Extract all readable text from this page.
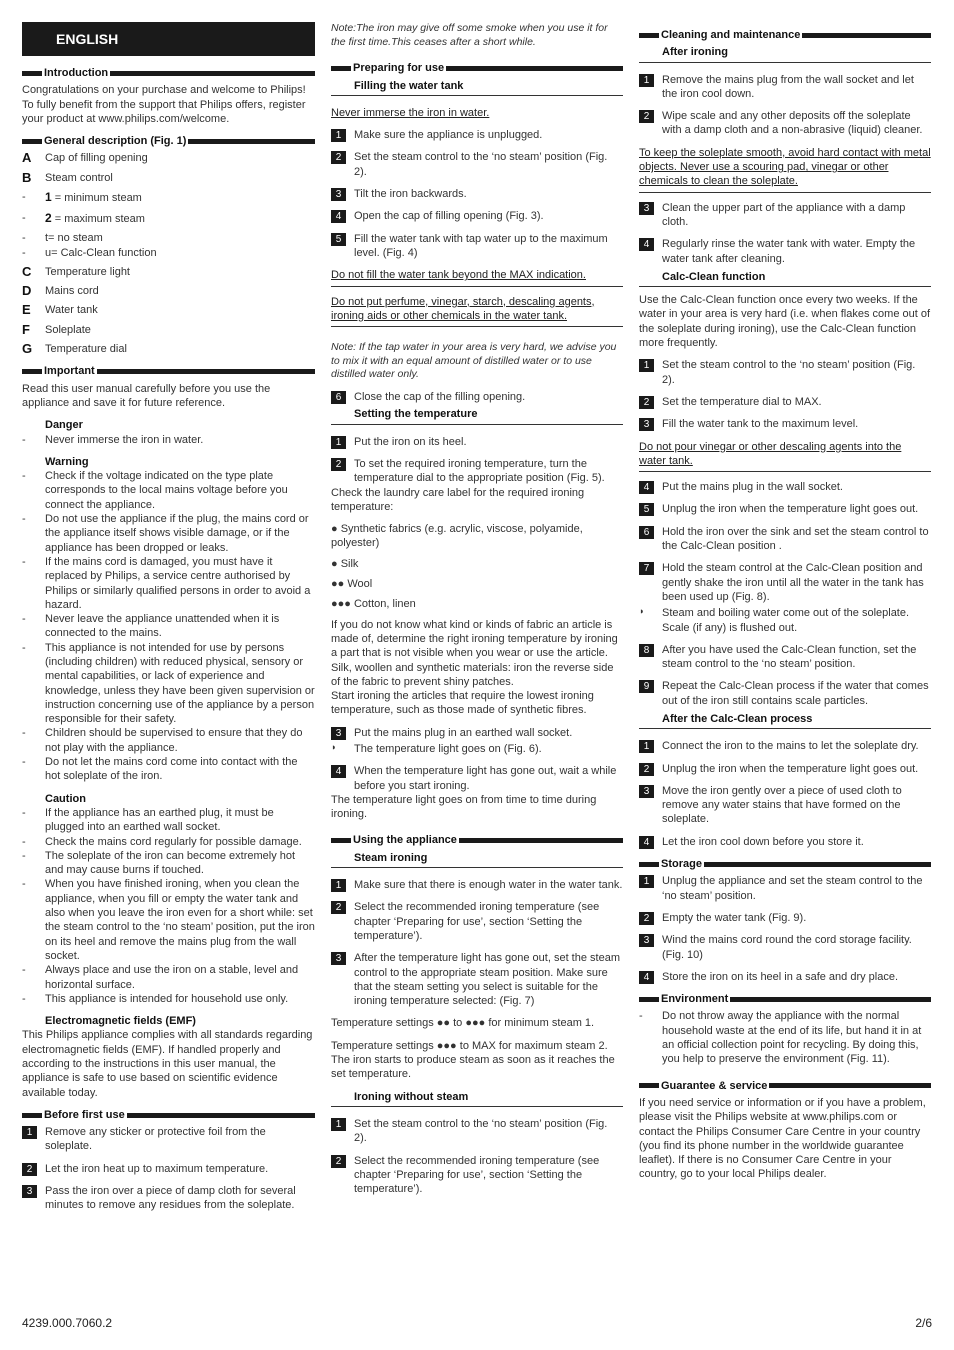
ENGLISH
Introduction
Congratulations on your purchase and welcome to Philips! To fully benefit from the support that Philips offers, register your product at www.philips.com/welcome.
General description (Fig. 1)
A	Cap of filling opening
B	Steam control
-	1 = minimum steam
-	2 = maximum steam
-	t= no steam
-	u= Calc-Clean function
C	Temperature light
D	Mains cord
E	Water tank
F	Soleplate
G	Temperature dial
Important
Read this user manual carefully before you use the appliance and save it for future reference.
Danger
-	Never immerse the iron in water.
Warning
-	Check if the voltage indicated on the type plate corresponds to the local mains voltage before you connect the appliance.
-	Do not use the appliance if the plug, the mains cord or the appliance itself shows visible damage, or if the appliance has been dropped or leaks.
-	If the mains cord is damaged, you must have it replaced by Philips, a service centre authorised by Philips or similarly qualified persons in order to avoid a hazard.
-	Never leave the appliance unattended when it is connected to the mains.
-	This appliance is not intended for use by persons (including children) with reduced physical, sensory or mental capabilities, or lack of experience and knowledge, unless they have been given supervision or instruction concerning use of the appliance by a person responsible for their safety.
-	Children should be supervised to ensure that they do not play with the appliance.
-	Do not let the mains cord come into contact with the hot soleplate of the iron.
Caution
-	If the appliance has an earthed plug, it must be plugged into an earthed wall socket.
-	Check the mains cord regularly for possible damage.
-	The soleplate of the iron can become extremely hot and may cause burns if touched.
-	When you have finished ironing, when you clean the appliance, when you fill or empty the water tank and also when you leave the iron even for a short while: set the steam control to the ‘no steam’ position, put the iron on its heel and remove the mains plug from the wall socket.
-	Always place and use the iron on a stable, level and horizontal surface.
-	This appliance is intended for household use only.
Electromagnetic fields (EMF)
This Philips appliance complies with all standards regarding electromagnetic fields (EMF). If handled properly and according to the instructions in this user manual, the appliance is safe to use based on scientific evidence available today.
Before first use
1	Remove any sticker or protective foil from the soleplate.
2	Let the iron heat up to maximum temperature.
3	Pass the iron over a piece of damp cloth for several minutes to remove any residues from the soleplate.
Note:The iron may give off some smoke when you use it for the first time.This ceases after a short while.
Preparing for use
Filling the water tank
Never immerse the iron in water.
1	Make sure the appliance is unplugged.
2	Set the steam control to the ‘no steam’ position (Fig. 2).
3	Tilt the iron backwards.
4	Open the cap of filling opening (Fig. 3).
5	Fill the water tank with tap water up to the maximum level. (Fig. 4)
Do not fill the water tank beyond the MAX indication.
Do not put perfume, vinegar, starch, descaling agents, ironing aids or other chemicals in the water tank.
Note: If the tap water in your area is very hard, we advise you to mix it with an equal amount of distilled water or to use distilled water only.
6	Close the cap of the filling opening.
Setting the temperature
1	Put the iron on its heel.
2	To set the required ironing temperature, turn the temperature dial to the appropriate position (Fig. 5).
Check the laundry care label for the required ironing temperature:
● Synthetic fabrics (e.g. acrylic, viscose, polyamide, polyester)
● Silk
●● Wool
●●● Cotton, linen
If you do not know what kind or kinds of fabric an article is made of, determine the right ironing temperature by ironing a part that is not visible when you wear or use the article.
Silk, woollen and synthetic materials: iron the reverse side of the fabric to prevent shiny patches.
Start ironing the articles that require the lowest ironing temperature, such as those made of synthetic fibres.
3	Put the mains plug in an earthed wall socket.
◗	The temperature light goes on (Fig. 6).
4	When the temperature light has gone out, wait a while before you start ironing.
The temperature light goes on from time to time during ironing.
Using the appliance
Steam ironing
1	Make sure that there is enough water in the water tank.
2	Select the recommended ironing temperature (see chapter ‘Preparing for use’, section ‘Setting the temperature’).
3	After the temperature light has gone out, set the steam control to the appropriate steam position. Make sure that the steam setting you select is suitable for the ironing temperature selected: (Fig. 7)
Temperature settings ●● to ●●● for minimum steam 1.
Temperature settings ●●● to MAX for maximum steam 2.
The iron starts to produce steam as soon as it reaches the set temperature.
Ironing without steam
1	Set the steam control to the ‘no steam’ position (Fig. 2).
2	Select the recommended ironing temperature (see chapter ‘Preparing for use’, section ‘Setting the temperature’).
Cleaning and maintenance
After ironing
1	Remove the mains plug from the wall socket and let the iron cool down.
2	Wipe scale and any other deposits off the soleplate with a damp cloth and a non-abrasive (liquid) cleaner.
To keep the soleplate smooth, avoid hard contact with metal objects. Never use a scouring pad, vinegar or other chemicals to clean the soleplate.
3	Clean the upper part of the appliance with a damp cloth.
4	Regularly rinse the water tank with water. Empty the water tank after cleaning.
Calc-Clean function
Use the Calc-Clean function once every two weeks. If the water in your area is very hard (i.e. when flakes come out of the soleplate during ironing), use the Calc-Clean function more frequently.
1	Set the steam control to the ‘no steam’ position (Fig. 2).
2	Set the temperature dial to MAX.
3	Fill the water tank to the maximum level.
Do not pour vinegar or other descaling agents into the water tank.
4	Put the mains plug in the wall socket.
5	Unplug the iron when the temperature light goes out.
6	Hold the iron over the sink and set the steam control to the Calc-Clean position .
7	Hold the steam control at the Calc-Clean position and gently shake the iron until all the water in the tank has been used up (Fig. 8).
◗	Steam and boiling water come out of the soleplate. Scale (if any) is flushed out.
8	After you have used the Calc-Clean function, set the steam control to the ‘no steam’ position.
9	Repeat the Calc-Clean process if the water that comes out of the iron still contains scale particles.
After the Calc-Clean process
1	Connect the iron to the mains to let the soleplate dry.
2	Unplug the iron when the temperature light goes out.
3	Move the iron gently over a piece of used cloth to remove any water stains that have formed on the soleplate.
4	Let the iron cool down before you store it.
Storage
1	Unplug the appliance and set the steam control to the ‘no steam’ position.
2	Empty the water tank (Fig. 9).
3	Wind the mains cord round the cord storage facility. (Fig. 10)
4	Store the iron on its heel in a safe and dry place.
Environment
-	Do not throw away the appliance with the normal household waste at the end of its life, but hand it in at an official collection point for recycling. By doing this, you help to preserve the environment (Fig. 11).
Guarantee & service
If you need service or information or if you have a problem, please visit the Philips website at www.philips.com or contact the Philips Consumer Care Centre in your country (you find its phone number in the worldwide guarantee leaflet). If there is no Consumer Care Centre in your country, go to your local Philips dealer.
4239.000.7060.2	2/6
